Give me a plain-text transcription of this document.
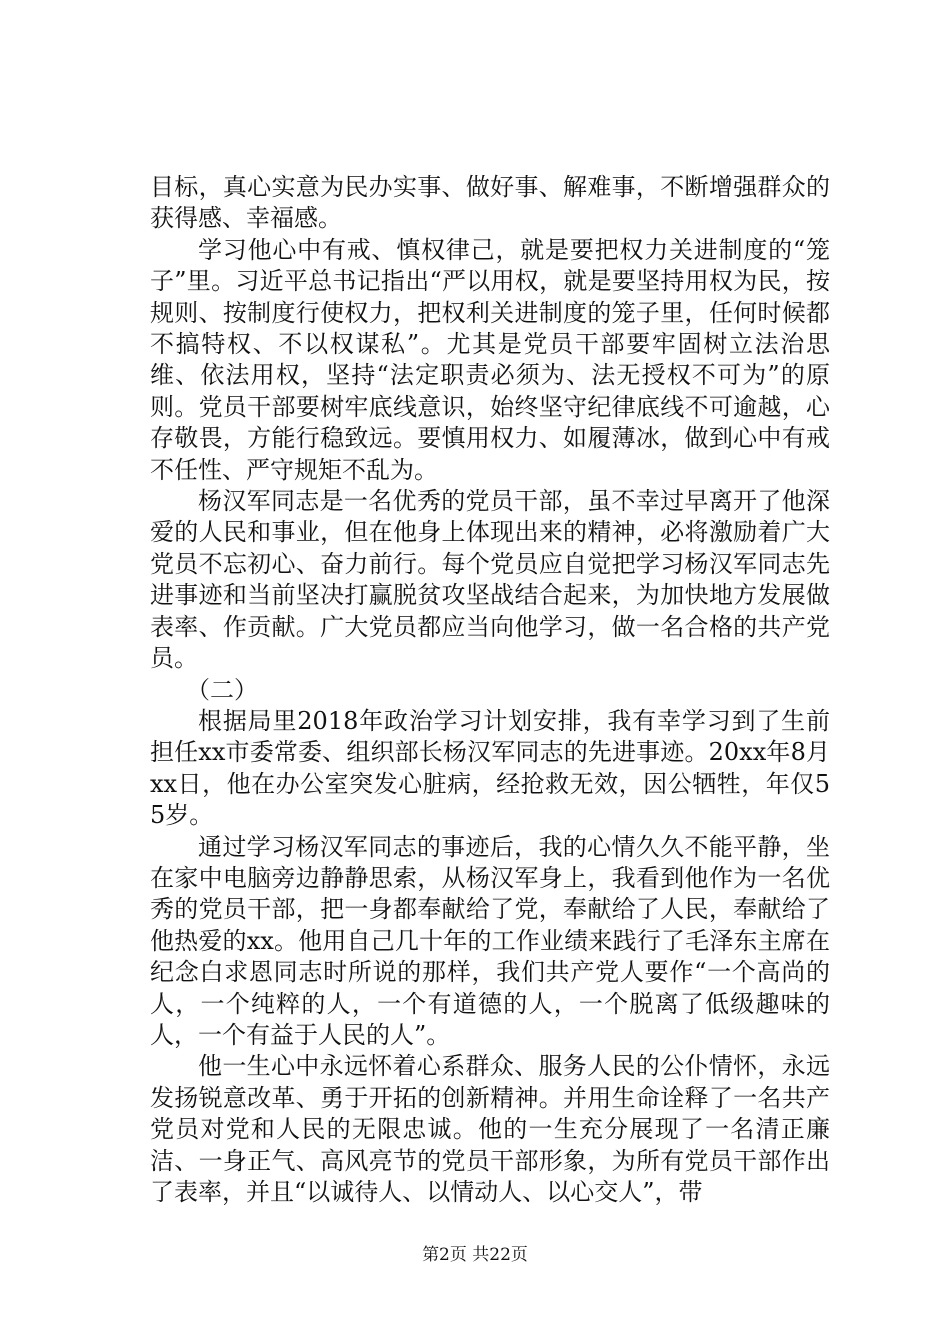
目标，真心实意为民办实事、做好事、解难事，不断增强群众的获得感、幸福感。

学习他心中有戒、慎权律己，就是要把权力关进制度的“笼子”里。习近平总书记指出“严以用权，就是要坚持用权为民，按规则、按制度行使权力，把权利关进制度的笼子里，任何时候都不搞特权、不以权谋私”。尤其是党员干部要牢固树立法治思维、依法用权，坚持“法定职责必须为、法无授权不可为”的原则。党员干部要树牢底线意识，始终坚守纪律底线不可逾越，心存敬畏，方能行稳致远。要慎用权力、如履薄冰，做到心中有戒不任性、严守规矩不乱为。

杨汉军同志是一名优秀的党员干部，虽不幸过早离开了他深爱的人民和事业，但在他身上体现出来的精神，必将激励着广大党员不忘初心、奋力前行。每个党员应自觉把学习杨汉军同志先进事迹和当前坚决打赢脱贫攻坚战结合起来，为加快地方发展做表率、作贡献。广大党员都应当向他学习，做一名合格的共产党员。

（二）

根据局里2018年政治学习计划安排，我有幸学习到了生前担任xx市委常委、组织部长杨汉军同志的先进事迹。20xx年8月xx日，他在办公室突发心脏病，经抢救无效，因公牺牲，年仅55岁。

通过学习杨汉军同志的事迹后，我的心情久久不能平静，坐在家中电脑旁边静静思索，从杨汉军身上，我看到他作为一名优秀的党员干部，把一身都奉献给了党，奉献给了人民，奉献给了他热爱的xx。他用自己几十年的工作业绩来践行了毛泽东主席在纪念白求恩同志时所说的那样，我们共产党人要作“一个高尚的人，一个纯粹的人，一个有道德的人，一个脱离了低级趣味的人，一个有益于人民的人”。

他一生心中永远怀着心系群众、服务人民的公仆情怀，永远发扬锐意改革、勇于开拓的创新精神。并用生命诠释了一名共产党员对党和人民的无限忠诚。他的一生充分展现了一名清正廉洁、一身正气、高风亮节的党员干部形象，为所有党员干部作出了表率，并且“以诚待人、以情动人、以心交人”，带

第2页 共22页
